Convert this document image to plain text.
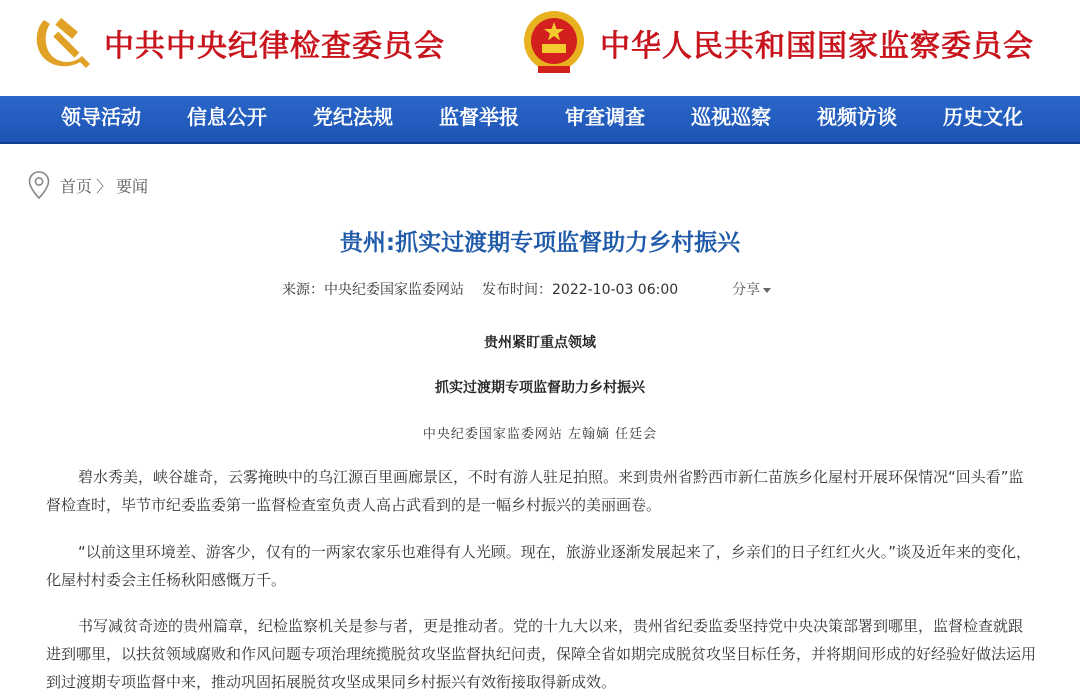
中共中央纪律检查委员会	中华人民共和国国家监察委员会
领导活动	信息公开	党纪法规	监督举报	审查调查	巡视巡察	视频访谈	历史文化
首页 〉 要闻
贵州:抓实过渡期专项监督助力乡村振兴
来源：中央纪委国家监委网站 发布时间：2022-10-03 06:00	分享
贵州紧盯重点领域
抓实过渡期专项监督助力乡村振兴
中央纪委国家监委网站 左翰嫡 任廷会

碧水秀美，峡谷雄奇，云雾掩映中的乌江源百里画廊景区，不时有游人驻足拍照。来到贵州省黔西市新仁苗族乡化屋村开展环保情况“回头看”监督检查时，毕节市纪委监委第一监督检查室负责人高占武看到的是一幅乡村振兴的美丽画卷。

“以前这里环境差、游客少，仅有的一两家农家乐也难得有人光顾。现在，旅游业逐渐发展起来了，乡亲们的日子红红火火。”谈及近年来的变化，化屋村村委会主任杨秋阳感慨万千。

书写减贫奇迹的贵州篇章，纪检监察机关是参与者，更是推动者。党的十九大以来，贵州省纪委监委坚持党中央决策部署到哪里，监督检查就跟进到哪里，以扶贫领域腐败和作风问题专项治理统揽脱贫攻坚监督执纪问责，保障全省如期完成脱贫攻坚目标任务，并将期间形成的好经验好做法运用到过渡期专项监督中来，推动巩固拓展脱贫攻坚成果同乡村振兴有效衔接取得新成效。
